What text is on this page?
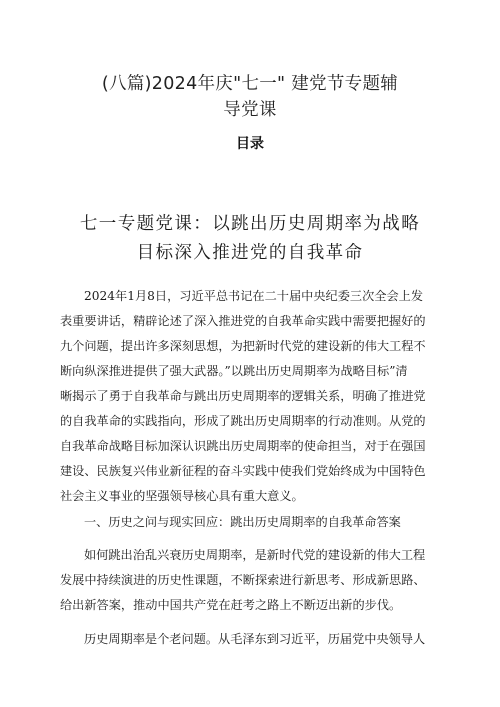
(八篇)2024年庆"七一" 建党节专题辅
导党课
目录
七一专题党课：以跳出历史周期率为战略
目标深入推进党的自我革命
2024年1月8日，习近平总书记在二十届中央纪委三次全会上发
表重要讲话，精辟论述了深入推进党的自我革命实践中需要把握好的
九个问题，提出许多深刻思想，为把新时代党的建设新的伟大工程不
断向纵深推进提供了强大武器。”以跳出历史周期率为战略目标”清
晰揭示了勇于自我革命与跳出历史周期率的逻辑关系，明确了推进党
的自我革命的实践指向，形成了跳出历史周期率的行动准则。从党的
自我革命战略目标加深认识跳出历史周期率的使命担当，对于在强国
建设、民族复兴伟业新征程的奋斗实践中使我们党始终成为中国特色
社会主义事业的坚强领导核心具有重大意义。
一、历史之问与现实回应：跳出历史周期率的自我革命答案
如何跳出治乱兴衰历史周期率，是新时代党的建设新的伟大工程
发展中持续演进的历史性课题，不断探索进行新思考、形成新思路、
给出新答案，推动中国共产党在赶考之路上不断迈出新的步伐。
历史周期率是个老问题。从毛泽东到习近平，历届党中央领导人
